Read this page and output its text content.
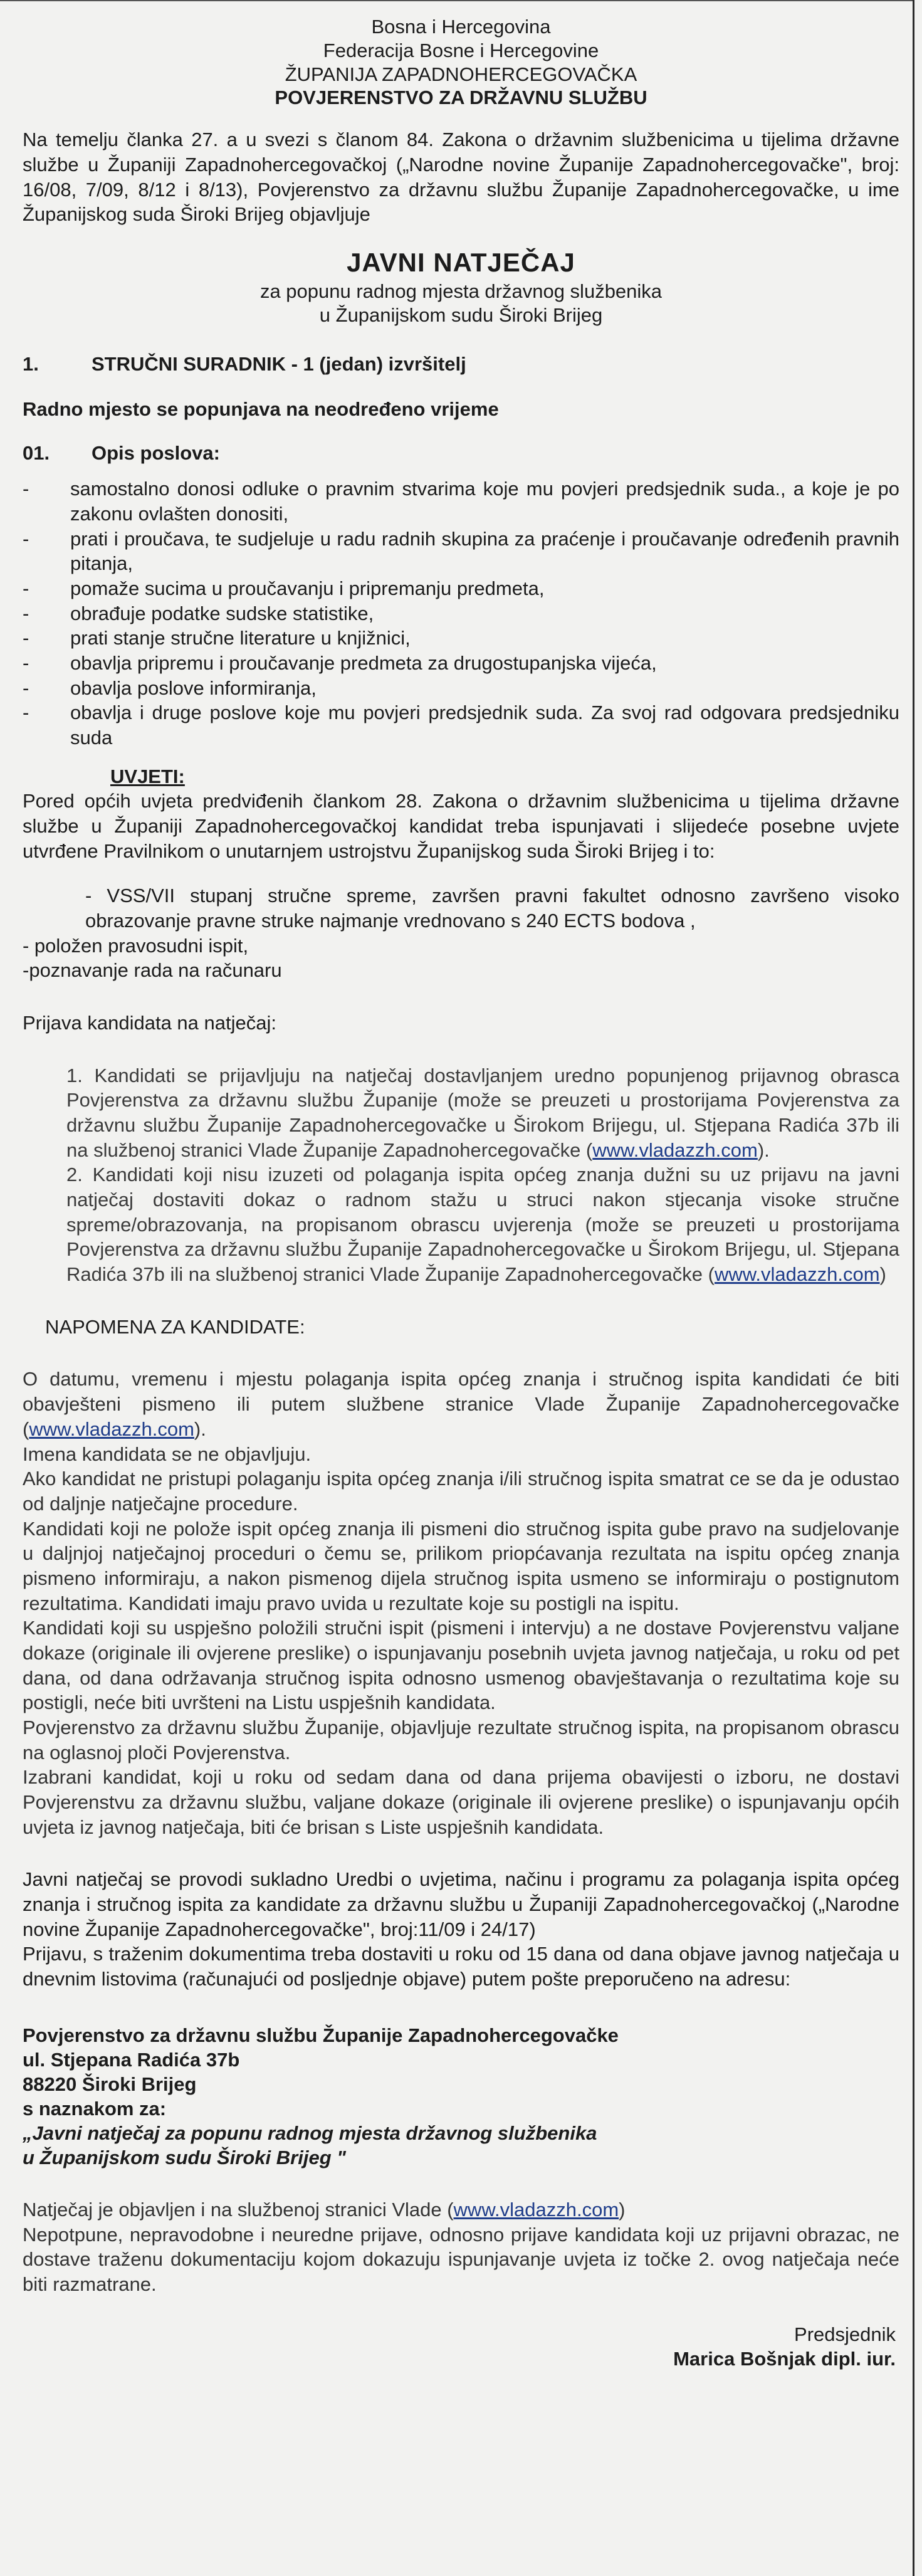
Bosna i Hercegovina
Federacija Bosne i Hercegovine
ŽUPANIJA ZAPADNOHERCEGOVAČKA
POVJERENSTVO ZA DRŽAVNU SLUŽBU

Na temelju članka 27. a u svezi s članom 84. Zakona o državnim službenicima u tijelima državne službe u Županiji Zapadnohercegovačkoj („Narodne novine Županije Zapadnohercegovačke", broj: 16/08, 7/09, 8/12 i 8/13), Povjerenstvo za državnu službu Županije Zapadnohercegovačke, u ime Županijskog suda Široki Brijeg objavljuje

JAVNI NATJEČAJ
za popunu radnog mjesta državnog službenika
u Županijskom sudu Široki Brijeg
1.	STRUČNI SURADNIK - 1 (jedan) izvršitelj

Radno mjesto se popunjava na neodređeno vrijeme

01.	Opis poslova:
-	samostalno donosi odluke o pravnim stvarima koje mu povjeri predsjednik suda., a koje je po zakonu ovlašten donositi,
-	prati i proučava, te sudjeluje u radu radnih skupina za praćenje i proučavanje određenih pravnih pitanja,
-	pomaže sucima u proučavanju i pripremanju predmeta,
-	obrađuje podatke sudske statistike,
-	prati stanje stručne literature u knjižnici,
-	obavlja pripremu i proučavanje predmeta za drugostupanjska vijeća,
-	obavlja poslove informiranja,
-	obavlja i druge poslove koje mu povjeri predsjednik suda. Za svoj rad odgovara predsjedniku suda
UVJETI:

Pored općih uvjeta predviđenih člankom 28. Zakona o državnim službenicima u tijelima državne službe u Županiji Zapadnohercegovačkoj kandidat treba ispunjavati i slijedeće posebne uvjete utvrđene Pravilnikom o unutarnjem ustrojstvu Županijskog suda Široki Brijeg i to:

- VSS/VII stupanj stručne spreme, završen pravni fakultet odnosno završeno visoko obrazovanje pravne struke najmanje vrednovano s 240 ECTS bodova ,

- položen pravosudni ispit,

-poznavanje rada na računaru

Prijava kandidata na natječaj:

1. Kandidati se prijavljuju na natječaj dostavljanjem uredno popunjenog prijavnog obrasca Povjerenstva za državnu službu Županije (može se preuzeti u prostorijama Povjerenstva za državnu službu Županije Zapadnohercegovačke u Širokom Brijegu, ul. Stjepana Radića 37b ili na službenoj stranici Vlade Županije Zapadnohercegovačke (www.vladazzh.com).

2. Kandidati koji nisu izuzeti od polaganja ispita općeg znanja dužni su uz prijavu na javni natječaj dostaviti dokaz o radnom stažu u struci nakon stjecanja visoke stručne spreme/obrazovanja, na propisanom obrascu uvjerenja (može se preuzeti u prostorijama Povjerenstva za državnu službu Županije Zapadnohercegovačke u Širokom Brijegu, ul. Stjepana Radića 37b ili na službenoj stranici Vlade Županije Zapadnohercegovačke (www.vladazzh.com)

NAPOMENA ZA KANDIDATE:

O datumu, vremenu i mjestu polaganja ispita općeg znanja i stručnog ispita kandidati će biti obavješteni pismeno ili putem službene stranice Vlade Županije Zapadnohercegovačke (www.vladazzh.com).

Imena kandidata se ne objavljuju.

Ako kandidat ne pristupi polaganju ispita općeg znanja i/ili stručnog ispita smatrat ce se da je odustao od daljnje natječajne procedure.

Kandidati koji ne polože ispit općeg znanja ili pismeni dio stručnog ispita gube pravo na sudjelovanje u daljnjoj natječajnoj proceduri o čemu se, prilikom priopćavanja rezultata na ispitu općeg znanja pismeno informiraju, a nakon pismenog dijela stručnog ispita usmeno se informiraju o postignutom rezultatima. Kandidati imaju pravo uvida u rezultate koje su postigli na ispitu.

Kandidati koji su uspješno položili stručni ispit (pismeni i intervju) a ne dostave Povjerenstvu valjane dokaze (originale ili ovjerene preslike) o ispunjavanju posebnih uvjeta javnog natječaja, u roku od pet dana, od dana održavanja stručnog ispita odnosno usmenog obavještavanja o rezultatima koje su postigli, neće biti uvršteni na Listu uspješnih kandidata.

Povjerenstvo za državnu službu Županije, objavljuje rezultate stručnog ispita, na propisanom obrascu na oglasnoj ploči Povjerenstva.

Izabrani kandidat, koji u roku od sedam dana od dana prijema obavijesti o izboru, ne dostavi Povjerenstvu za državnu službu, valjane dokaze (originale ili ovjerene preslike) o ispunjavanju općih uvjeta iz javnog natječaja, biti će brisan s Liste uspješnih kandidata.

Javni natječaj se provodi sukladno Uredbi o uvjetima, načinu i programu za polaganja ispita općeg znanja i stručnog ispita za kandidate za državnu službu u Županiji Zapadnohercegovačkoj („Narodne novine Županije Zapadnohercegovačke", broj:11/09 i 24/17)

Prijavu, s traženim dokumentima treba dostaviti u roku od 15 dana od dana objave javnog natječaja u dnevnim listovima (računajući od posljednje objave) putem pošte preporučeno na adresu:

Povjerenstvo za državnu službu Županije Zapadnohercegovačke
ul. Stjepana Radića 37b
88220 Široki Brijeg
s naznakom za:
„Javni natječaj za popunu radnog mjesta državnog službenika
u Županijskom sudu Široki Brijeg "

Natječaj je objavljen i na službenoj stranici Vlade (www.vladazzh.com)

Nepotpune, nepravodobne i neuredne prijave, odnosno prijave kandidata koji uz prijavni obrazac, ne dostave traženu dokumentaciju kojom dokazuju ispunjavanje uvjeta iz točke 2. ovog natječaja neće biti razmatrane.

Predsjednik
Marica Bošnjak dipl. iur.
